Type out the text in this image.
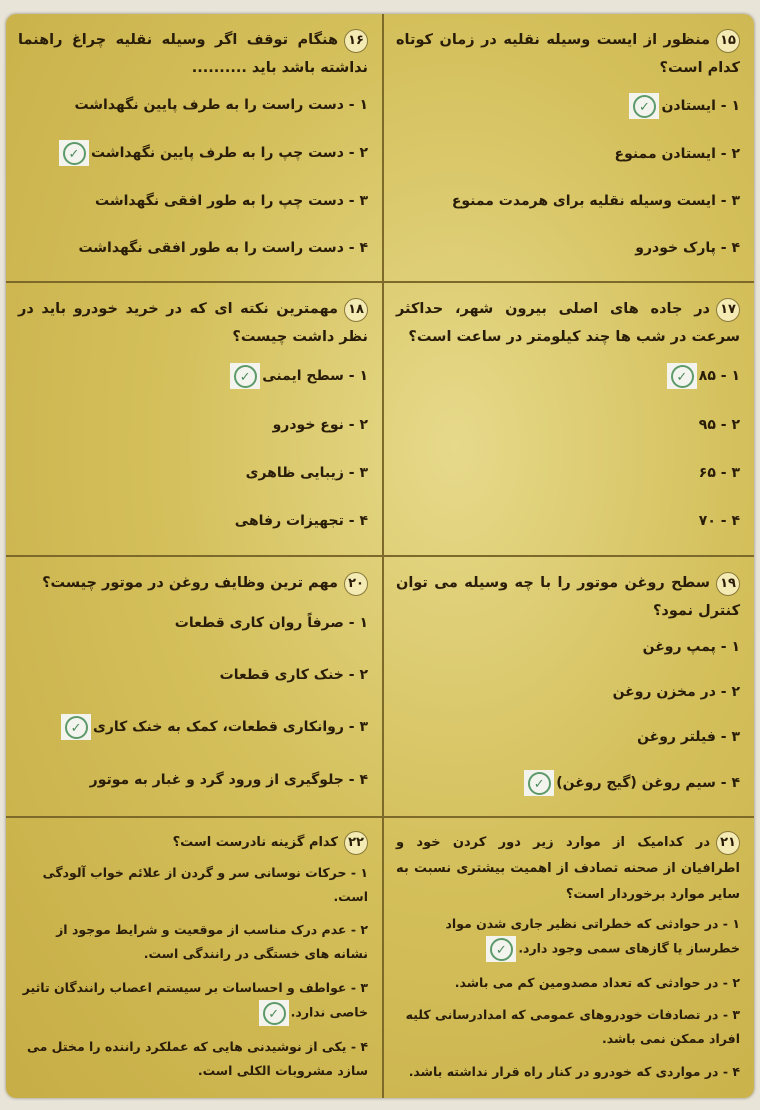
۱۶هنگام توقف اگر وسیله نقلیه چراغ راهنما نداشته باشد باید ..........
۱ - دست راست را به طرف پایین نگهداشت
۲ - دست چپ را به طرف پایین نگهداشت
✓
۳ - دست چپ را به طور افقی نگهداشت
۴ - دست راست را به طور افقی نگهداشت
۱۵منظور از ایست وسیله نقلیه در زمان کوتاه کدام است؟
۱ - ایستادن
✓
۲ - ایستادن ممنوع
۳ - ایست وسیله نقلیه برای هرمدت ممنوع
۴ - پارک خودرو
۱۸مهمترین نکته ای که در خرید خودرو باید در نظر داشت چیست؟
۱ - سطح ایمنی
✓
۲ - نوع خودرو
۳ - زیبایی ظاهری
۴ - تجهیزات رفاهی
۱۷در جاده های اصلی بیرون شهر، حداکثر سرعت در شب ها چند کیلومتر در ساعت است؟
۱ - ۸۵
✓
۲ - ۹۵
۳ - ۶۵
۴ - ۷۰
۲۰مهم ترین وظایف روغن در موتور چیست؟
۱ - صرفاً روان کاری قطعات
۲ - خنک کاری قطعات
۳ - روانکاری قطعات، کمک به خنک کاری
✓
۴ - جلوگیری از ورود گرد و غبار به موتور
۱۹سطح روغن موتور را با چه وسیله می توان کنترل نمود؟
۱ - پمپ روغن
۲ - در مخزن روغن
۳ - فیلتر روغن
۴ - سیم روغن (گیج روغن)
✓
۲۲کدام گزینه نادرست است؟
۱ - حرکات نوسانی سر و گردن از علائم خواب آلودگی است.
۲ - عدم درک مناسب از موقعیت و شرایط موجود از نشانه های خستگی در رانندگی است.
۳ - عواطف و احساسات بر سیستم اعصاب رانندگان تاثیر خاصی ندارد.
✓
۴ - یکی از نوشیدنی هایی که عملکرد راننده را مختل می سازد مشروبات الکلی است.
۲۱در کدامیک از موارد زیر دور کردن خود و اطرافیان از صحنه تصادف از اهمیت بیشتری نسبت به سایر موارد برخوردار است؟
۱ - در حوادثی که خطراتی نظیر جاری شدن مواد خطرساز یا گازهای سمی وجود دارد.
✓
۲ - در حوادثی که تعداد مصدومین کم می باشد.
۳ - در تصادفات خودروهای عمومی که امدادرسانی کلیه افراد ممکن نمی باشد.
۴ - در مواردی که خودرو در کنار راه قرار نداشته باشد.
